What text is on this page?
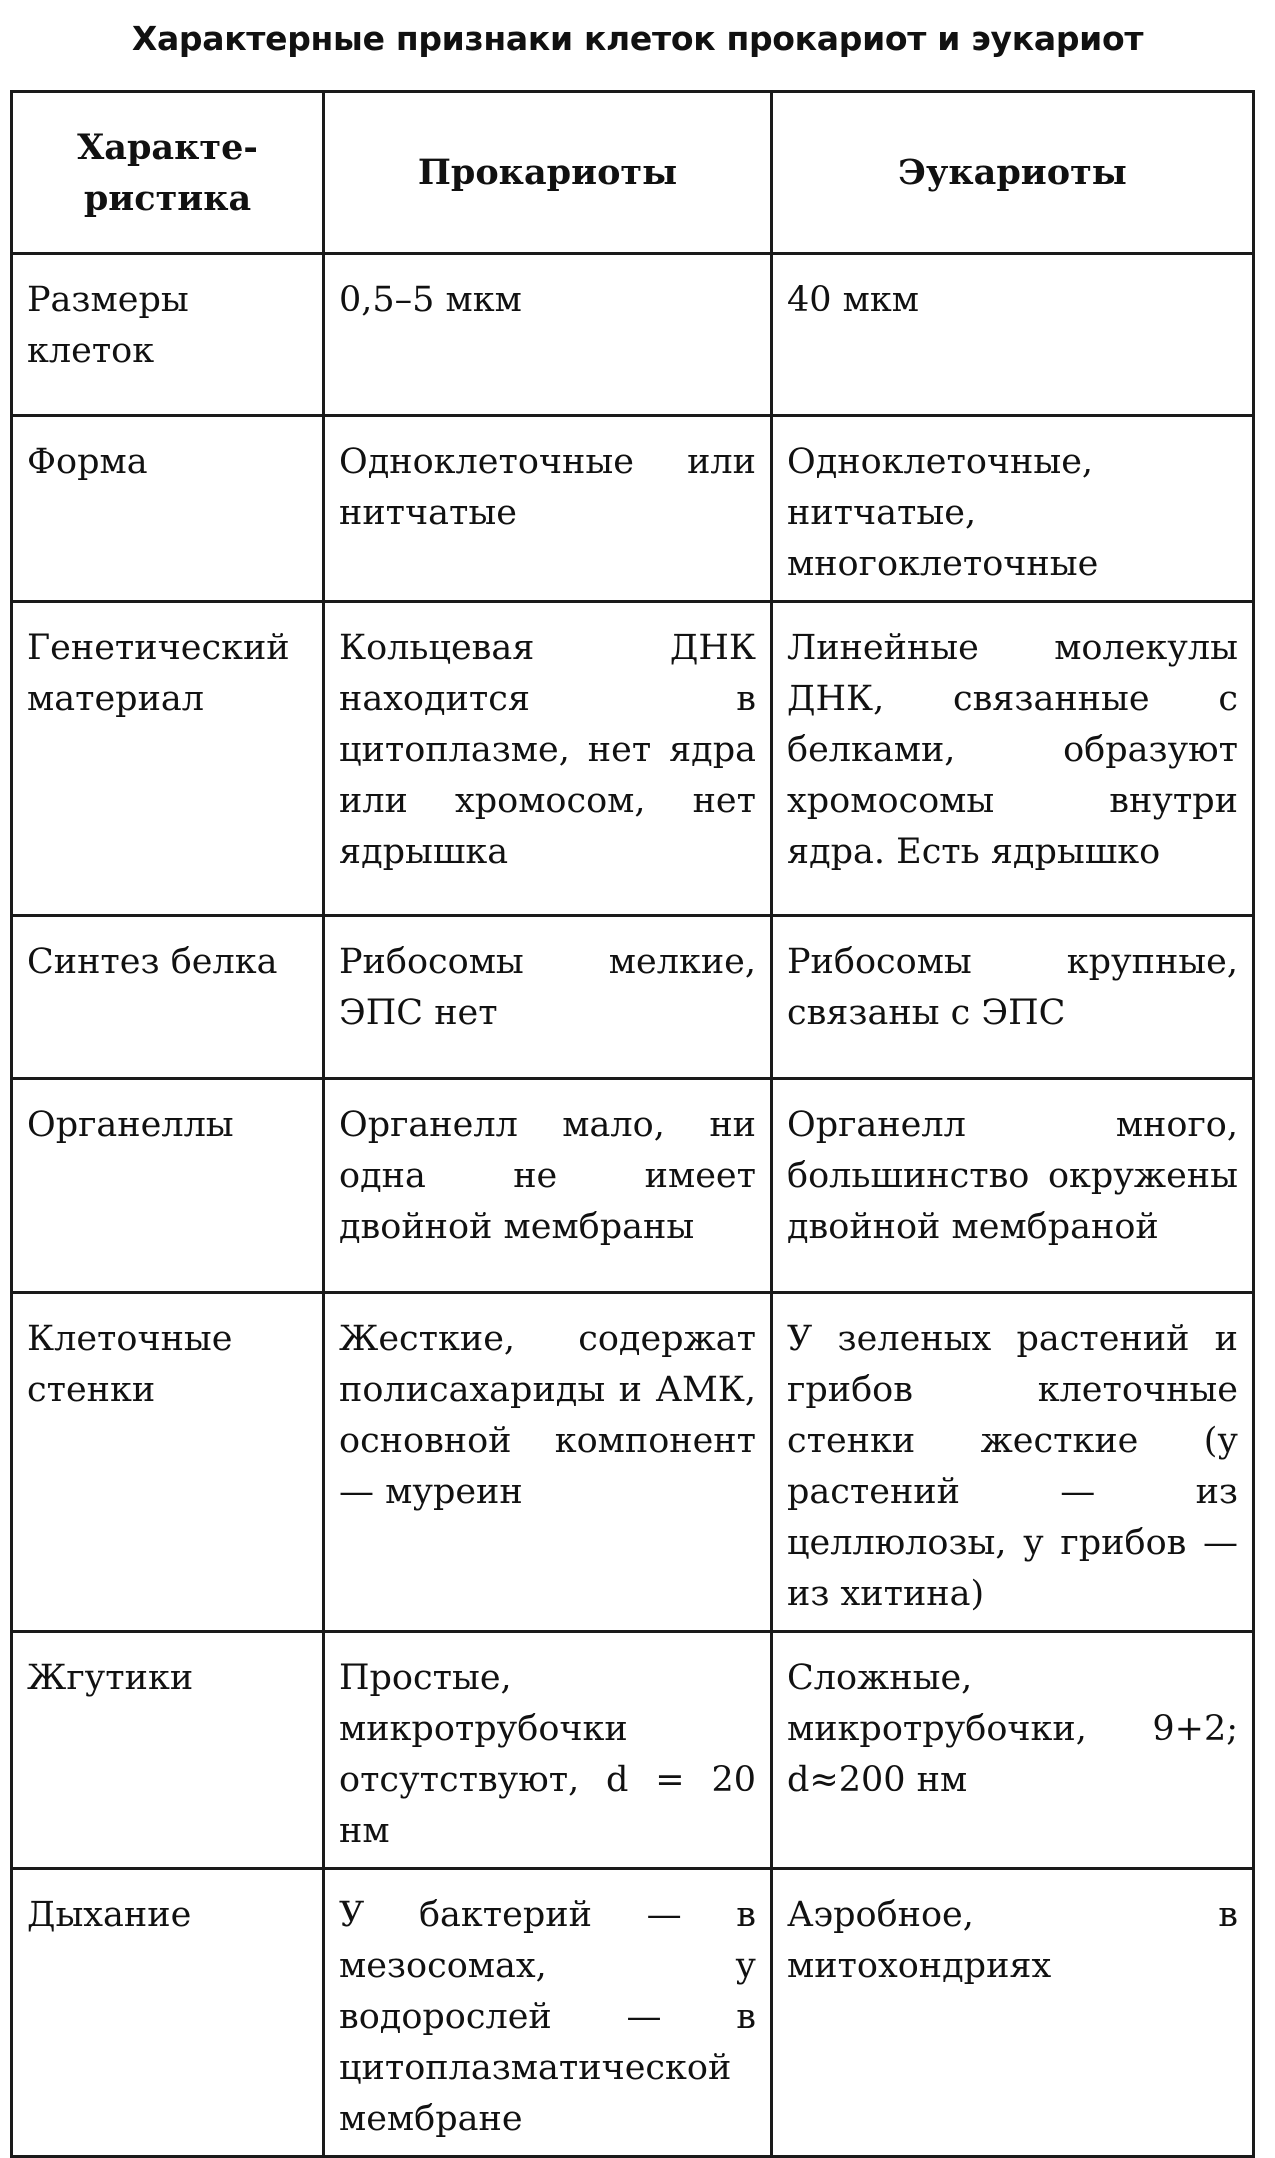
Характерные признаки клеток прокариот и эукариот
Характе-
ристика	Прокариоты	Эукариоты
Размеры клеток	0,5–5 мкм	40 мкм
Форма	Одноклеточные или нитчатые	Одноклеточные, нитчатые, многоклеточные
Генетический материал	Кольцевая ДНК находится в цитоплазме, нет ядра или хромосом, нет ядрышка	Линейные молекулы ДНК, связанные с белками, образуют хромосомы внутри ядра. Есть ядрышко
Синтез белка	Рибосомы мелкие, ЭПС нет	Рибосомы крупные, связаны с ЭПС
Органеллы	Органелл мало, ни одна не имеет двойной мембраны	Органелл много, большинство окружены двойной мембраной
Клеточные стенки	Жесткие, содержат полисахариды и АМК, основной компонент — муреин	У зеленых растений и грибов клеточные стенки жесткие (у растений — из целлюлозы, у грибов — из хитина)
Жгутики	Простые, микротрубочки отсутствуют, d = 20 нм	Сложные, микротрубочки, 9+2; d≈200 нм
Дыхание	У бактерий — в мезосомах, у водорослей — в цитоплазматической мембране	Аэробное, в митохондриях
